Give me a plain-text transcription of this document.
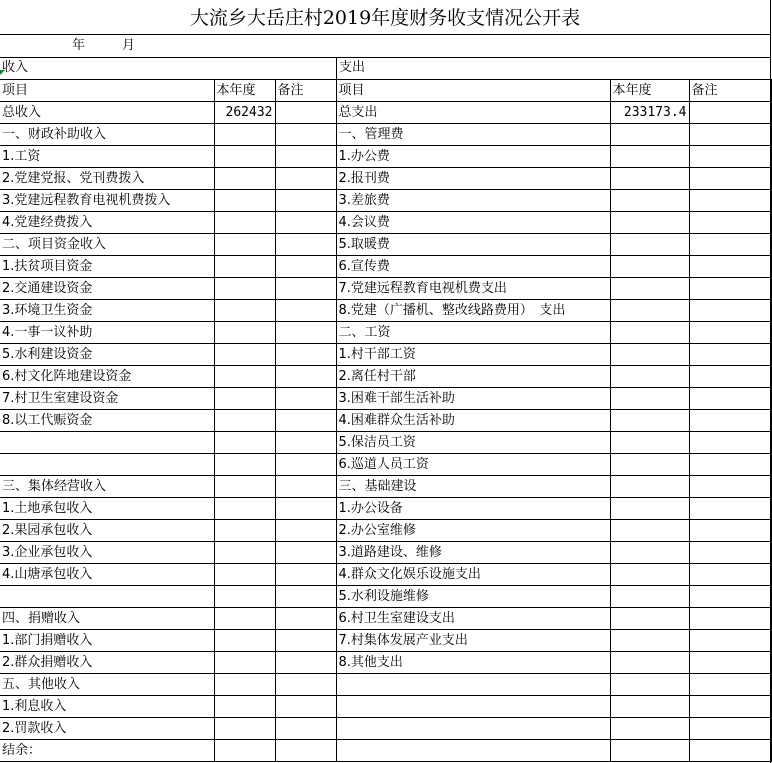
大流乡大岳庄村2019年度财务收支情况公开表
年	月
收入	支出
项目	本年度	备注	项目	本年度	备注
总收入	262432		总支出	233173.4	
一、财政补助收入			一、管理费		
1.工资			1.办公费		
2.党建党报、党刊费拨入			2.报刊费		
3.党建远程教育电视机费拨入			3.差旅费		
4.党建经费拨入			4.会议费		
二、项目资金收入			5.取暖费		
1.扶贫项目资金			6.宣传费		
2.交通建设资金			7.党建远程教育电视机费支出		
3.环境卫生资金			8.党建（广播机、整改线路费用）　支出		
4.一事一议补助			二、工资		
5.水利建设资金			1.村干部工资		
6.村文化阵地建设资金			2.离任村干部		
7.村卫生室建设资金			3.困难干部生活补助		
8.以工代赈资金			4.困难群众生活补助		
			5.保洁员工资		
			6.巡道人员工资		
三、集体经营收入			三、基础建设		
1.土地承包收入			1.办公设备		
2.果园承包收入			2.办公室维修		
3.企业承包收入			3.道路建设、维修		
4.山塘承包收入			4.群众文化娱乐设施支出		
			5.水利设施维修		
四、捐赠收入			6.村卫生室建设支出		
1.部门捐赠收入			7.村集体发展产业支出		
2.群众捐赠收入			8.其他支出		
五、其他收入					
1.利息收入					
2.罚款收入					
结余：					
